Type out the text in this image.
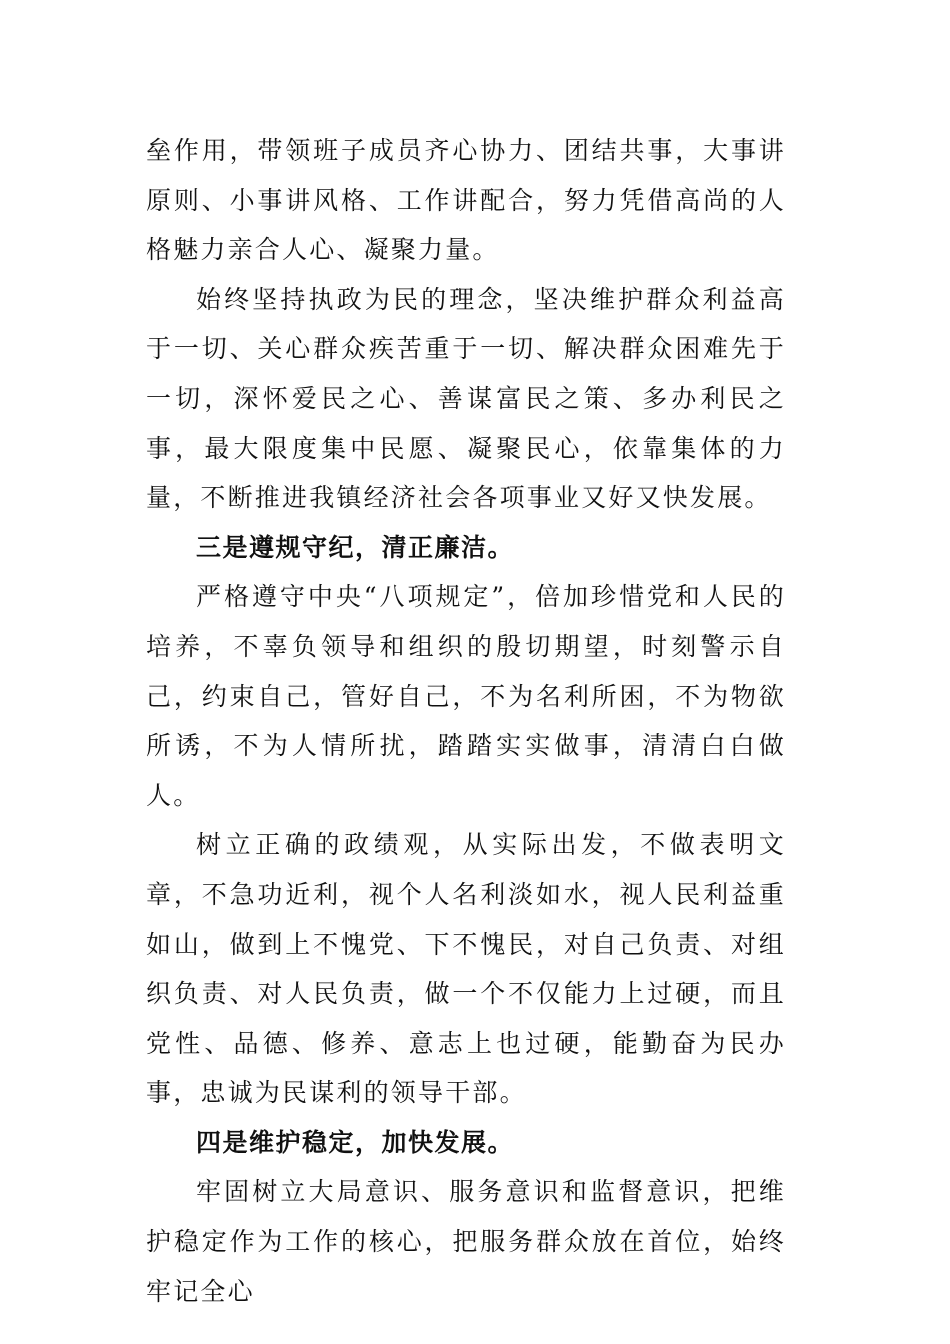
垒作用，带领班子成员齐心协力、团结共事，大事讲原则、小事讲风格、工作讲配合，努力凭借高尚的人格魅力亲合人心、凝聚力量。

始终坚持执政为民的理念，坚决维护群众利益高于一切、关心群众疾苦重于一切、解决群众困难先于一切，深怀爱民之心、善谋富民之策、多办利民之事，最大限度集中民愿、凝聚民心，依靠集体的力量，不断推进我镇经济社会各项事业又好又快发展。

三是遵规守纪，清正廉洁。

严格遵守中央“八项规定”，倍加珍惜党和人民的培养，不辜负领导和组织的殷切期望，时刻警示自己，约束自己，管好自己，不为名利所困，不为物欲所诱，不为人情所扰，踏踏实实做事，清清白白做人。

树立正确的政绩观，从实际出发，不做表明文章，不急功近利，视个人名利淡如水，视人民利益重如山，做到上不愧党、下不愧民，对自己负责、对组织负责、对人民负责，做一个不仅能力上过硬，而且党性、品德、修养、意志上也过硬，能勤奋为民办事，忠诚为民谋利的领导干部。

四是维护稳定，加快发展。

牢固树立大局意识、服务意识和监督意识，把维护稳定作为工作的核心，把服务群众放在首位，始终牢记全心
